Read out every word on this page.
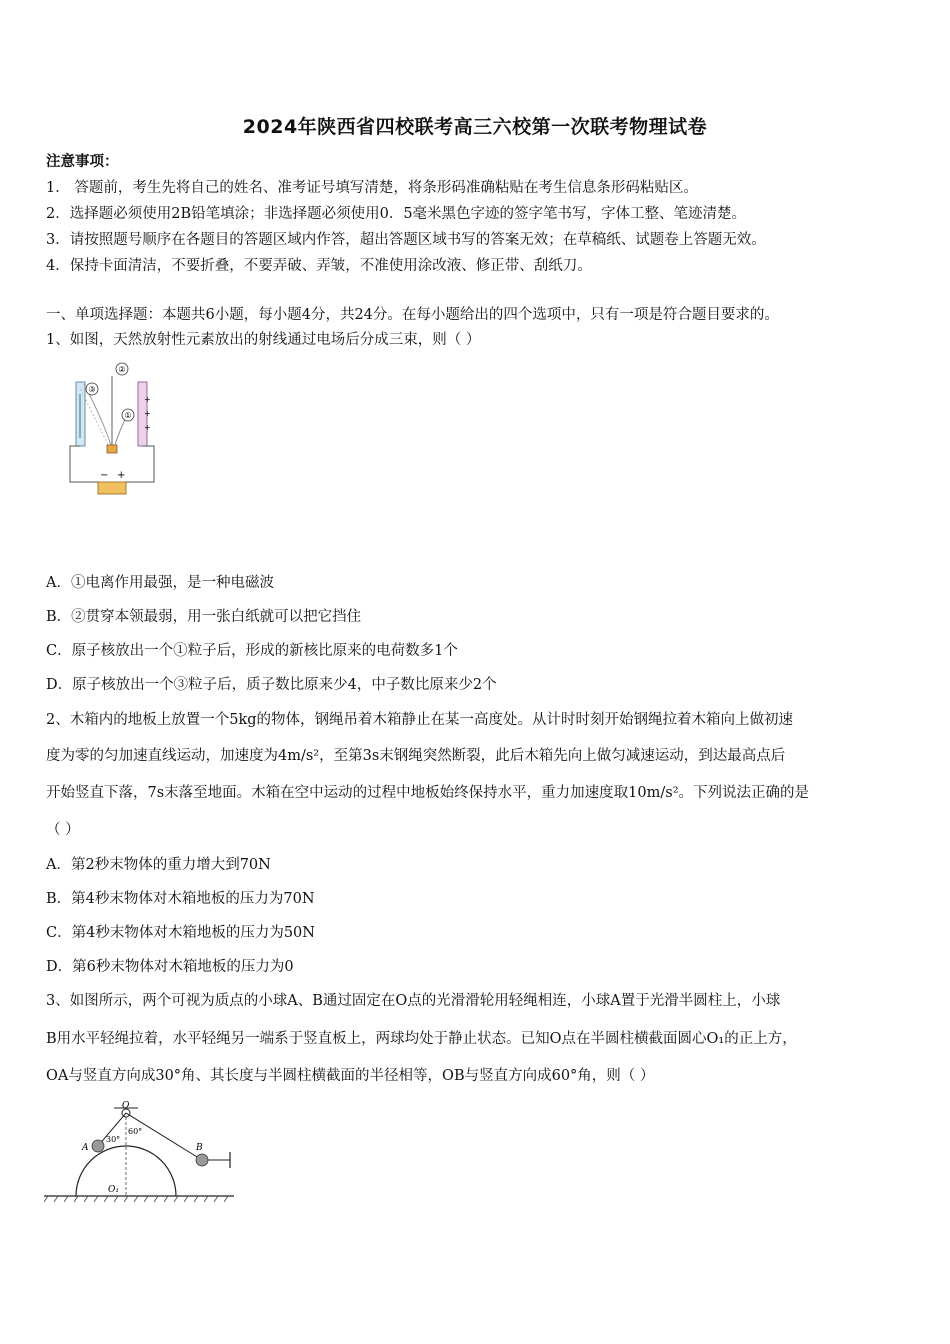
2024年陕西省四校联考高三六校第一次联考物理试卷
注意事项：
1． 答题前，考生先将自己的姓名、准考证号填写清楚，将条形码准确粘贴在考生信息条形码粘贴区。
2．选择题必须使用2B铅笔填涂；非选择题必须使用0．5毫米黑色字迹的签字笔书写，字体工整、笔迹清楚。
3．请按照题号顺序在各题目的答题区域内作答，超出答题区域书写的答案无效；在草稿纸、试题卷上答题无效。
4．保持卡面清洁，不要折叠，不要弄破、弄皱，不准使用涂改液、修正带、刮纸刀。
一、单项选择题：本题共6小题，每小题4分，共24分。在每小题给出的四个选项中，只有一项是符合题目要求的。
1、如图，天然放射性元素放出的射线通过电场后分成三束，则（ ）
+
+
+
③
②
①
− +
A．①电离作用最强，是一种电磁波
B．②贯穿本领最弱，用一张白纸就可以把它挡住
C．原子核放出一个①粒子后，形成的新核比原来的电荷数多1个
D．原子核放出一个③粒子后，质子数比原来少4，中子数比原来少2个
2、木箱内的地板上放置一个5kg的物体，钢绳吊着木箱静止在某一高度处。从计时时刻开始钢绳拉着木箱向上做初速
度为零的匀加速直线运动，加速度为4m/s²，至第3s末钢绳突然断裂，此后木箱先向上做匀减速运动，到达最高点后
开始竖直下落，7s末落至地面。木箱在空中运动的过程中地板始终保持水平，重力加速度取10m/s²。下列说法正确的是
（ ）
A．第2秒末物体的重力增大到70N
B．第4秒末物体对木箱地板的压力为70N
C．第4秒末物体对木箱地板的压力为50N
D．第6秒末物体对木箱地板的压力为0
3、如图所示，两个可视为质点的小球A、B通过固定在O点的光滑滑轮用轻绳相连，小球A置于光滑半圆柱上，小球
B用水平轻绳拉着，水平轻绳另一端系于竖直板上，两球均处于静止状态。已知O点在半圆柱横截面圆心O₁的正上方，
OA与竖直方向成30°角、其长度与半圆柱横截面的半径相等，OB与竖直方向成60°角，则（ ）
O
A
30°
60°
B
O₁
